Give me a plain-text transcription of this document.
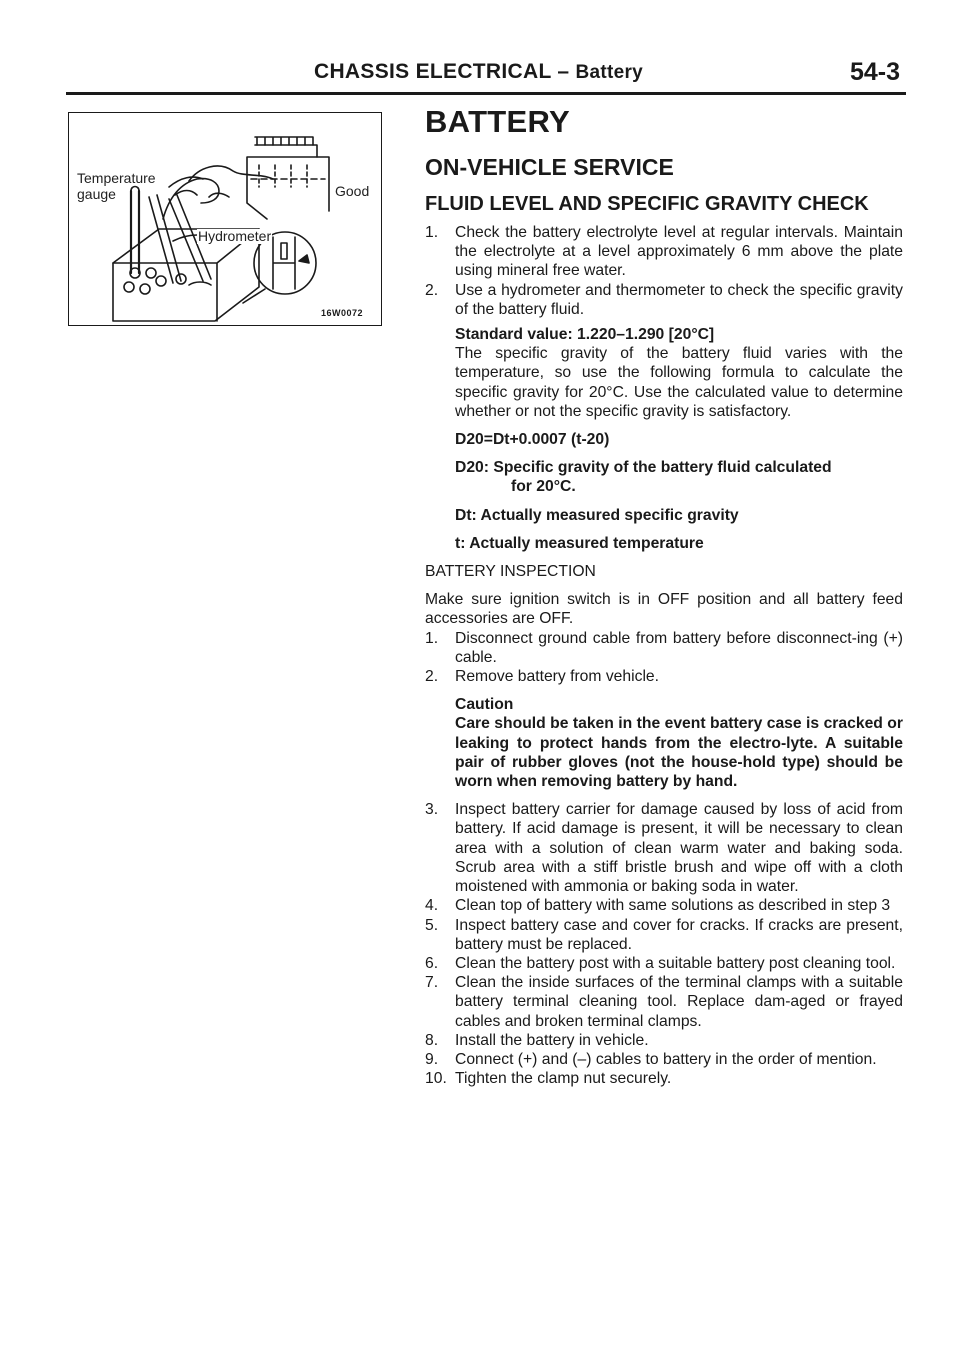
CHASSIS ELECTRICAL – Battery	54-3
Temperature
gauge	Good
Hydrometer
16W0072
BATTERY
ON-VEHICLE SERVICE
FLUID LEVEL AND SPECIFIC GRAVITY CHECK
1.	Check the battery electrolyte level at regular intervals. Maintain the electrolyte at a level approximately 6 mm above the plate using mineral free water.
2.	Use a hydrometer and thermometer to check the specific gravity of the battery fluid.
Standard value: 1.220–1.290 [20°C]
The specific gravity of the battery fluid varies with the temperature, so use the following formula to calculate the specific gravity for 20°C. Use the calculated value to determine whether or not the specific gravity is satisfactory.
D20=Dt+0.0007 (t-20)
D20: Specific gravity of the battery fluid calculated
for 20°C.
Dt: Actually measured specific gravity
t: Actually measured temperature
BATTERY INSPECTION
Make sure ignition switch is in OFF position and all battery feed accessories are OFF.
1.	Disconnect ground cable from battery before disconnect-ing (+) cable.
2.	Remove battery from vehicle.
Caution
Care should be taken in the event battery case is cracked or leaking to protect hands from the electro-lyte. A suitable pair of rubber gloves (not the house-hold type) should be worn when removing battery by hand.
3.	Inspect battery carrier for damage caused by loss of acid from battery. If acid damage is present, it will be necessary to clean area with a solution of clean warm water and baking soda. Scrub area with a stiff bristle brush and wipe off with a cloth moistened with ammonia or baking soda in water.
4.	Clean top of battery with same solutions as described in step 3
5.	Inspect battery case and cover for cracks. If cracks are present, battery must be replaced.
6.	Clean the battery post with a suitable battery post cleaning tool.
7.	Clean the inside surfaces of the terminal clamps with a suitable battery terminal cleaning tool. Replace dam-aged or frayed cables and broken terminal clamps.
8.	Install the battery in vehicle.
9.	Connect (+) and (–) cables to battery in the order of mention.
10. Tighten the clamp nut securely.
